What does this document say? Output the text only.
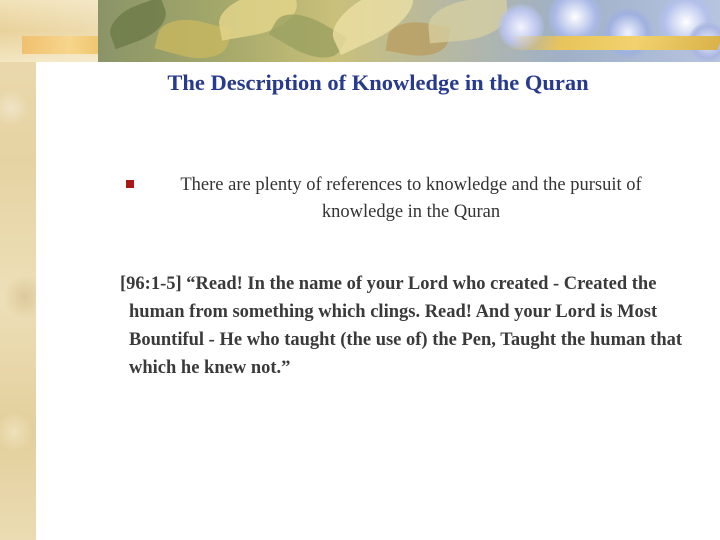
The Description of Knowledge in the Quran

There are plenty of references to knowledge and the pursuit of knowledge in the Quran

[96:1-5] “Read! In the name of your Lord who created - Created the human from something which clings. Read! And your Lord is Most Bountiful - He who taught (the use of) the Pen, Taught the human that which he knew not.”
